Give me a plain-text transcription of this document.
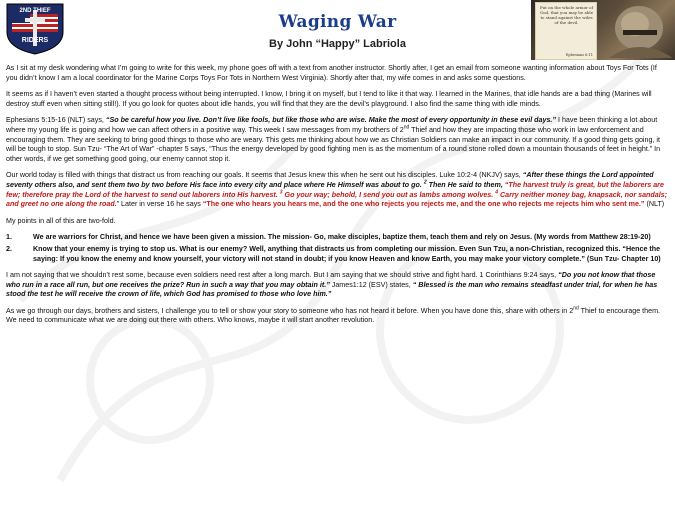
2ND THIEF
RIDERS
Waging War
By John “Happy” Labriola
Put on the whole armor of God, that you may be able to stand against the wiles of the devil.
Ephesians 6:11

As I sit at my desk wondering what I’m going to write for this week, my phone goes off with a text from another instructor. Shortly after, I get an email from someone wanting information about Toys For Tots (If you didn’t know I am a local coordinator for the Marine Corps Toys For Tots in Northern West Virginia). Shortly after that, my wife comes in and asks some questions.

It seems as if I haven’t even started a thought process without being interrupted. I know, I bring it on myself, but I tend to like it that way. I learned in the Marines, that idle hands are a bad thing (Marines will destroy stuff even when sitting still!). If you go look for quotes about idle hands, you will find that they are the devil’s playground. I also find the same thing with idle minds.

Ephesians 5:15-16 (NLT) says, “So be careful how you live. Don’t live like fools, but like those who are wise. Make the most of every opportunity in these evil days.” I have been thinking a lot about where my young life is going and how we can affect others in a positive way. This week I saw messages from my brothers of 2nd Thief and how they are impacting those who work in law enforcement and encouraging them. They are seeking to bring good things to those who are weary. This gets me thinking about how we as Christian Soldiers can make an impact in our community. If a good thing gets going, it will be tough to stop. Sun Tzu- “The Art of War” -chapter 5 says, “Thus the energy developed by good fighting men is as the momentum of a round stone rolled down a mountain thousands of feet in height.” In other words, if we get something good going, our enemy cannot stop it.

Our world today is filled with things that distract us from reaching our goals. It seems that Jesus knew this when he sent out his disciples. Luke 10:2-4 (NKJV) says, “After these things the Lord appointed seventy others also, and sent them two by two before His face into every city and place where He Himself was about to go. $^2$ Then He said to them, “The harvest truly is great, but the laborers are few; therefore pray the Lord of the harvest to send out laborers into His harvest. $^3$ Go your way; behold, I send you out as lambs among wolves. $^4$ Carry neither money bag, knapsack, nor sandals; and greet no one along the road.” Later in verse 16 he says “The one who hears you hears me, and the one who rejects you rejects me, and the one who rejects me rejects him who sent me.” (NLT)

My points in all of this are two-fold.

1.	We are warriors for Christ, and hence we have been given a mission. The mission- Go, make disciples, baptize them, teach them and rely on Jesus. (My words from Matthew 28:19-20)
2.	Know that your enemy is trying to stop us. What is our enemy? Well, anything that distracts us from completing our mission. Even Sun Tzu, a non-Christian, recognized this. “Hence the saying: If you know the enemy and know yourself, your victory will not stand in doubt; if you know Heaven and know Earth, you may make your victory complete.” (Sun Tzu- Chapter 10)

I am not saying that we shouldn’t rest some, because even soldiers need rest after a long march. But I am saying that we should strive and fight hard. 1 Corinthians 9:24 says, “Do you not know that those who run in a race all run, but one receives the prize? Run in such a way that you may obtain it.” James1:12 (ESV) states, “ Blessed is the man who remains steadfast under trial, for when he has stood the test he will receive the crown of life, which God has promised to those who love him.”

As we go through our days, brothers and sisters, I challenge you to tell or show your story to someone who has not heard it before. When you have done this, share with others in 2nd Thief to encourage them. We need to communicate what we are doing out there with others. Who knows, maybe it will start another revolution.
